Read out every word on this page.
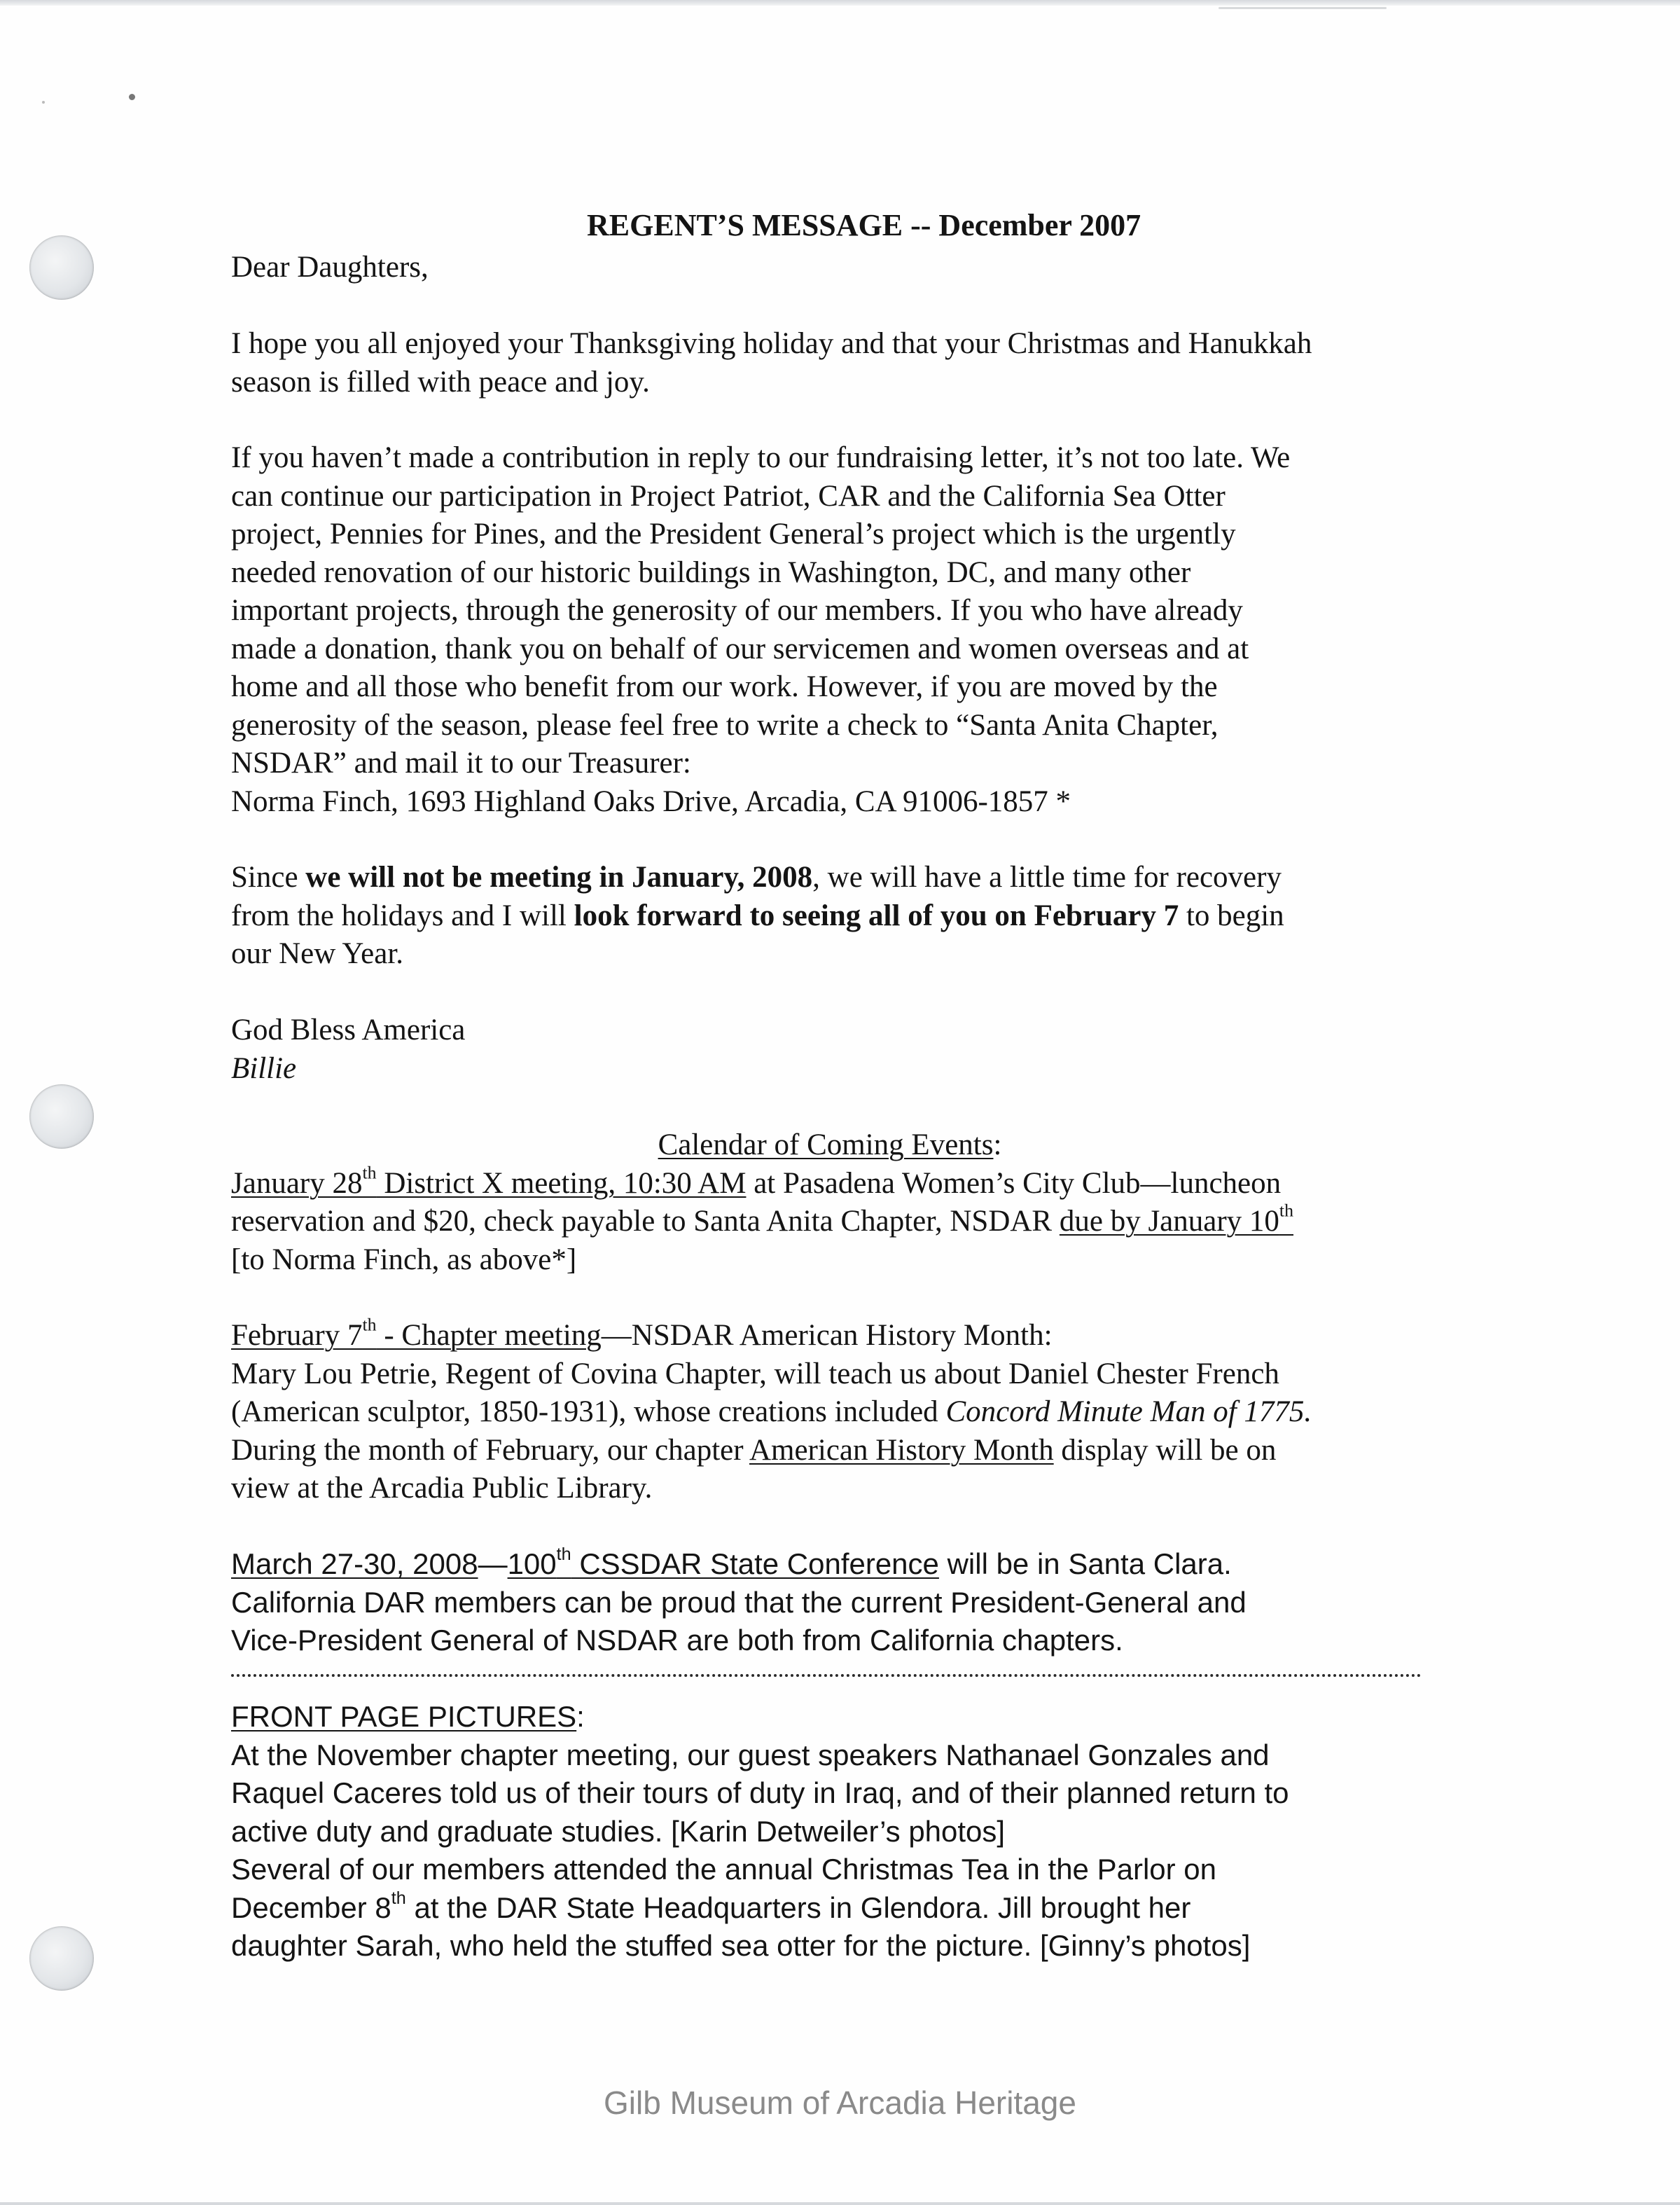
REGENT’S MESSAGE -- December 2007
Dear Daughters,
I hope you all enjoyed your Thanksgiving holiday and that your Christmas and Hanukkah
season is filled with peace and joy.
If you haven’t made a contribution in reply to our fundraising letter, it’s not too late. We
can continue our participation in Project Patriot, CAR and the California Sea Otter
project, Pennies for Pines, and the President General’s project which is the urgently
needed renovation of our historic buildings in Washington, DC, and many other
important projects, through the generosity of our members. If you who have already
made a donation, thank you on behalf of our servicemen and women overseas and at
home and all those who benefit from our work. However, if you are moved by the
generosity of the season, please feel free to write a check to “Santa Anita Chapter,
NSDAR” and mail it to our Treasurer:
Norma Finch, 1693 Highland Oaks Drive, Arcadia, CA 91006-1857 *
Since we will not be meeting in January, 2008, we will have a little time for recovery
from the holidays and I will look forward to seeing all of you on February 7 to begin
our New Year.
God Bless America
Billie
Calendar of Coming Events:
January 28th District X meeting, 10:30 AM at Pasadena Women’s City Club—luncheon
reservation and $20, check payable to Santa Anita Chapter, NSDAR due by January 10th
[to Norma Finch, as above*]
February 7th - Chapter meeting—NSDAR American History Month:
Mary Lou Petrie, Regent of Covina Chapter, will teach us about Daniel Chester French
(American sculptor, 1850-1931), whose creations included Concord Minute Man of 1775.
During the month of February, our chapter American History Month display will be on
view at the Arcadia Public Library.
March 27-30, 2008—100th CSSDAR State Conference will be in Santa Clara.
California DAR members can be proud that the current President-General and
Vice-President General of NSDAR are both from California chapters.
FRONT PAGE PICTURES:
At the November chapter meeting, our guest speakers Nathanael Gonzales and
Raquel Caceres told us of their tours of duty in Iraq, and of their planned return to
active duty and graduate studies. [Karin Detweiler’s photos]
Several of our members attended the annual Christmas Tea in the Parlor on
December 8th at the DAR State Headquarters in Glendora. Jill brought her
daughter Sarah, who held the stuffed sea otter for the picture. [Ginny’s photos]
Gilb Museum of Arcadia Heritage
